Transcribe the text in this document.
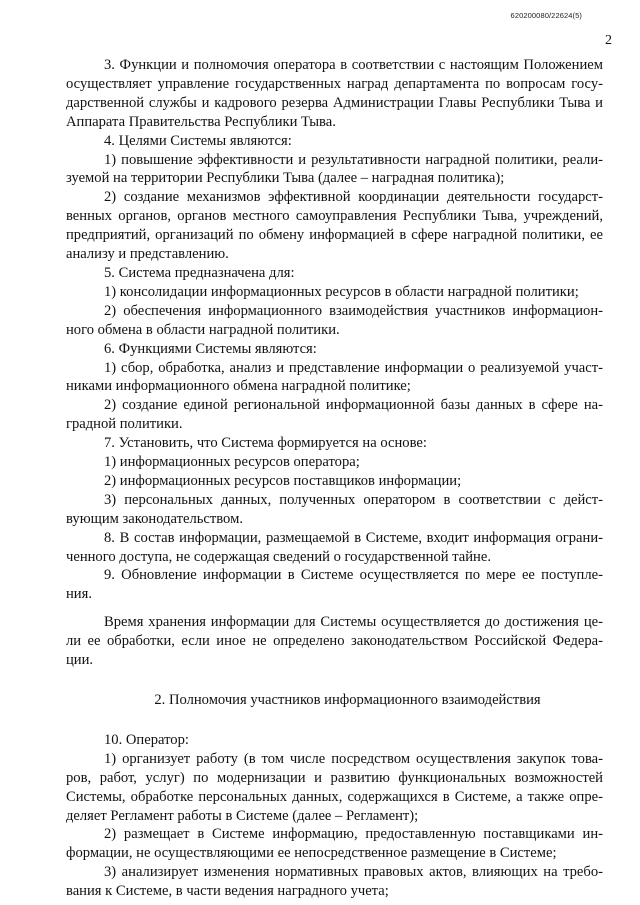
620200080/22624(5)
2
3. Функции и полномочия оператора в соответствии с настоящим Положением
осуществляет управление государственных наград департамента по вопросам госу-
дарственной службы и кадрового резерва Администрации Главы Республики Тыва и
Аппарата Правительства Республики Тыва.
4. Целями Системы являются:
1) повышение эффективности и результативности наградной политики, реали-
зуемой на территории Республики Тыва (далее – наградная политика);
2) создание механизмов эффективной координации деятельности государст-
венных органов, органов местного самоуправления Республики Тыва, учреждений,
предприятий, организаций по обмену информацией в сфере наградной политики, ее
анализу и представлению.
5. Система предназначена для:
1) консолидации информационных ресурсов в области наградной политики;
2) обеспечения информационного взаимодействия участников информацион-
ного обмена в области наградной политики.
6. Функциями Системы являются:
1) сбор, обработка, анализ и представление информации о реализуемой участ-
никами информационного обмена наградной политике;
2) создание единой региональной информационной базы данных в сфере на-
градной политики.
7. Установить, что Система формируется на основе:
1) информационных ресурсов оператора;
2) информационных ресурсов поставщиков информации;
3) персональных данных, полученных оператором в соответствии с дейст-
вующим законодательством.
8. В состав информации, размещаемой в Системе, входит информация ограни-
ченного доступа, не содержащая сведений о государственной тайне.
9. Обновление информации в Системе осуществляется по мере ее поступле-
ния.
Время хранения информации для Системы осуществляется до достижения це-
ли ее обработки, если иное не определено законодательством Российской Федера-
ции.
2. Полномочия участников информационного взаимодействия
10. Оператор:
1) организует работу (в том числе посредством осуществления закупок това-
ров, работ, услуг) по модернизации и развитию функциональных возможностей
Системы, обработке персональных данных, содержащихся в Системе, а также опре-
деляет Регламент работы в Системе (далее – Регламент);
2) размещает в Системе информацию, предоставленную поставщиками ин-
формации, не осуществляющими ее непосредственное размещение в Системе;
3) анализирует изменения нормативных правовых актов, влияющих на требо-
вания к Системе, в части ведения наградного учета;
